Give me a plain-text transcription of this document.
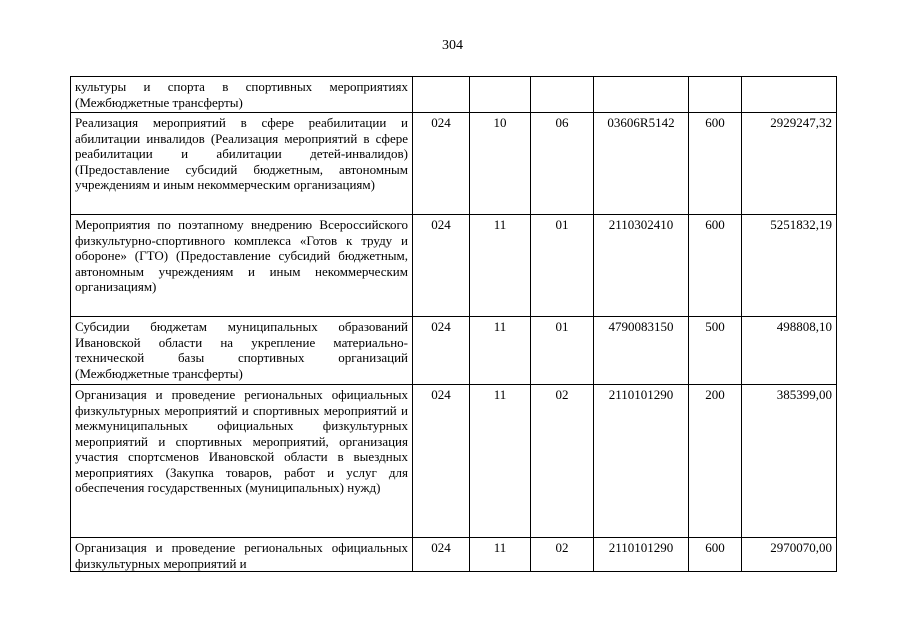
304
культуры и спорта в спортивных мероприятиях (Межбюджетные трансферты)						
Реализация мероприятий в сфере реабилитации и абилитации инвалидов (Реализация мероприятий в сфере реабилитации и абилитации детей-инвалидов) (Предоставление субсидий бюджетным, автономным учреждениям и иным некоммерческим организациям)	024	10	06	03606R5142	600	2929247,32
Мероприятия по поэтапному внедрению Всероссийского физкультурно-спортивного комплекса «Готов к труду и обороне» (ГТО) (Предоставление субсидий бюджетным, автономным учреждениям и иным некоммерческим организациям)	024	11	01	2110302410	600	5251832,19
Субсидии бюджетам муниципальных образований Ивановской области на укрепление материально-технической базы спортивных организаций (Межбюджетные трансферты)	024	11	01	4790083150	500	498808,10
Организация и проведение региональных официальных физкультурных мероприятий и спортивных мероприятий и межмуниципальных официальных физкультурных мероприятий и спортивных мероприятий, организация участия спортсменов Ивановской области в выездных мероприятиях (Закупка товаров, работ и услуг для обеспечения государственных (муниципальных) нужд)	024	11	02	2110101290	200	385399,00
Организация и проведение региональных официальных физкультурных мероприятий и	024	11	02	2110101290	600	2970070,00
